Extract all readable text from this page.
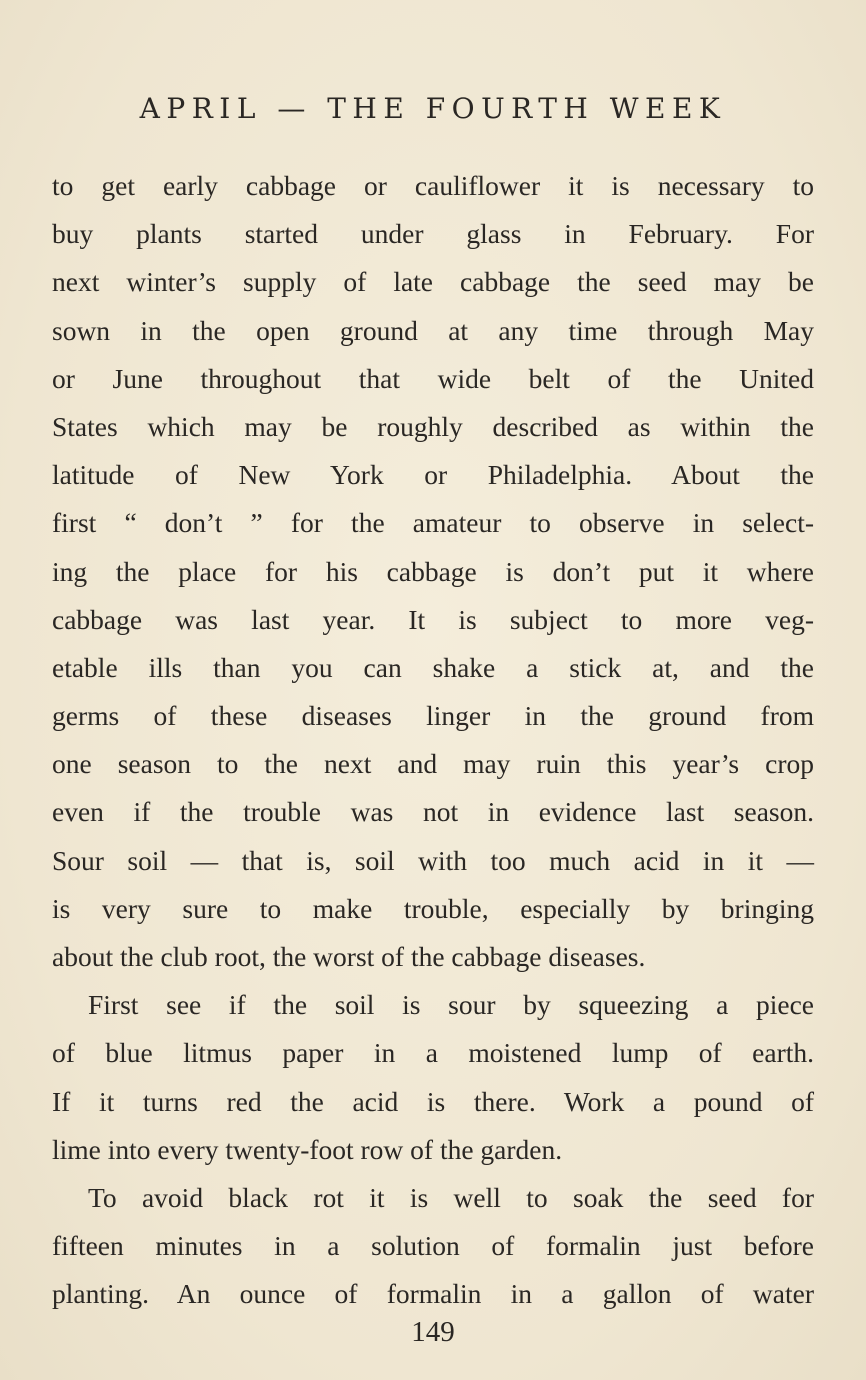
APRIL — THE FOURTH WEEK
to get early cabbage or cauliflower it is necessary to
buy plants started under glass in February. For
next winter’s supply of late cabbage the seed may be
sown in the open ground at any time through May
or June throughout that wide belt of the United
States which may be roughly described as within the
latitude of New York or Philadelphia. About the
first “ don’t ” for the amateur to observe in select-
ing the place for his cabbage is don’t put it where
cabbage was last year. It is subject to more veg-
etable ills than you can shake a stick at, and the
germs of these diseases linger in the ground from
one season to the next and may ruin this year’s crop
even if the trouble was not in evidence last season.
Sour soil — that is, soil with too much acid in it —
is very sure to make trouble, especially by bringing
about the club root, the worst of the cabbage diseases.
First see if the soil is sour by squeezing a piece
of blue litmus paper in a moistened lump of earth.
If it turns red the acid is there. Work a pound of
lime into every twenty-foot row of the garden.
To avoid black rot it is well to soak the seed for
fifteen minutes in a solution of formalin just before
planting. An ounce of formalin in a gallon of water
149
